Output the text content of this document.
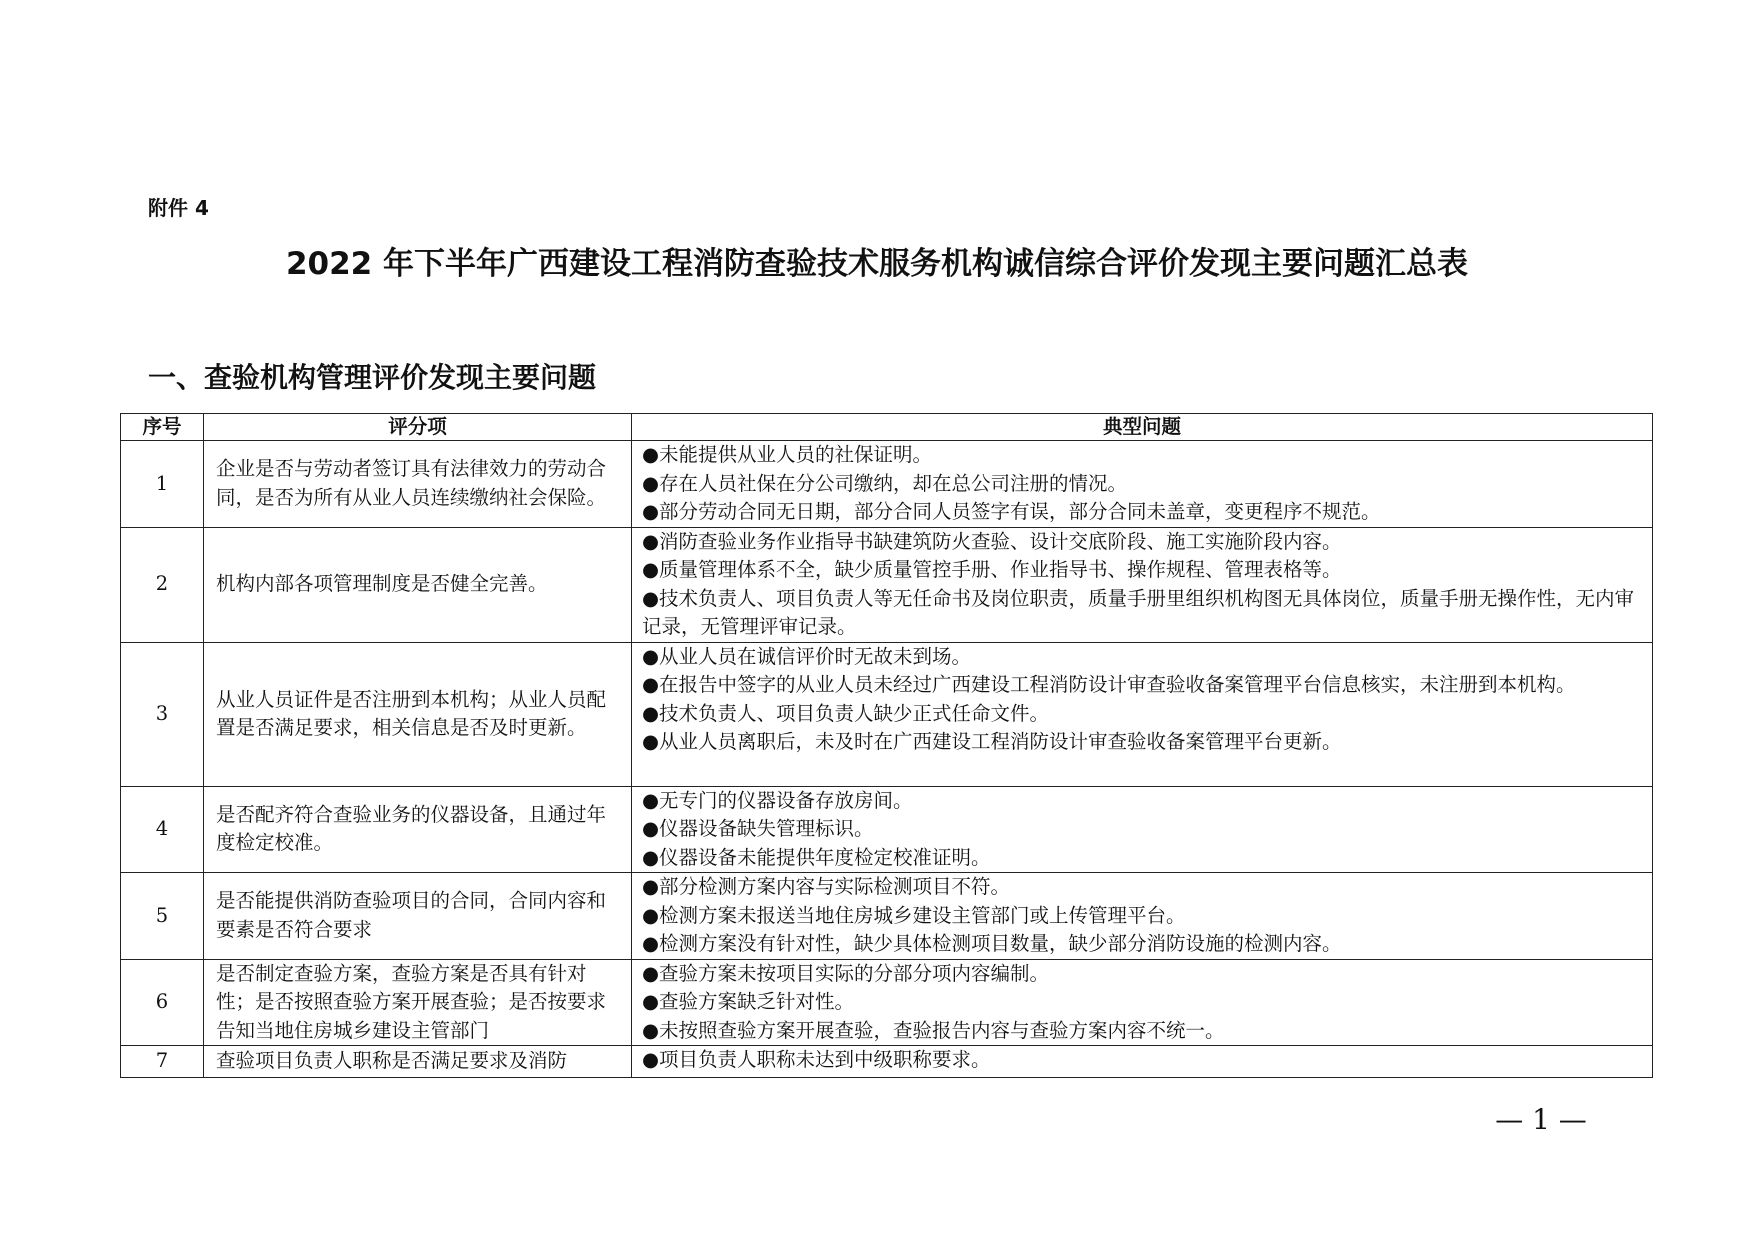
附件 4
2022 年下半年广西建设工程消防查验技术服务机构诚信综合评价发现主要问题汇总表
一、查验机构管理评价发现主要问题
序号	评分项	典型问题
1	企业是否与劳动者签订具有法律效力的劳动合同，是否为所有从业人员连续缴纳社会保险。	●未能提供从业人员的社保证明。
●存在人员社保在分公司缴纳，却在总公司注册的情况。
●部分劳动合同无日期，部分合同人员签字有误，部分合同未盖章，变更程序不规范。

2	机构内部各项管理制度是否健全完善。	●消防查验业务作业指导书缺建筑防火查验、设计交底阶段、施工实施阶段内容。
●质量管理体系不全，缺少质量管控手册、作业指导书、操作规程、管理表格等。
●技术负责人、项目负责人等无任命书及岗位职责，质量手册里组织机构图无具体岗位，质量手册无操作性，无内审记录，无管理评审记录。

3	从业人员证件是否注册到本机构；从业人员配置是否满足要求，相关信息是否及时更新。	●从业人员在诚信评价时无故未到场。
●在报告中签字的从业人员未经过广西建设工程消防设计审查验收备案管理平台信息核实，未注册到本机构。
●技术负责人、项目负责人缺少正式任命文件。
●从业人员离职后，未及时在广西建设工程消防设计审查验收备案管理平台更新。

4	是否配齐符合查验业务的仪器设备，且通过年度检定校准。	●无专门的仪器设备存放房间。
●仪器设备缺失管理标识。
●仪器设备未能提供年度检定校准证明。

5	是否能提供消防查验项目的合同，合同内容和要素是否符合要求	●部分检测方案内容与实际检测项目不符。
●检测方案未报送当地住房城乡建设主管部门或上传管理平台。
●检测方案没有针对性，缺少具体检测项目数量，缺少部分消防设施的检测内容。

6	是否制定查验方案，查验方案是否具有针对性；是否按照查验方案开展查验；是否按要求告知当地住房城乡建设主管部门	●查验方案未按项目实际的分部分项内容编制。
●查验方案缺乏针对性。
●未按照查验方案开展查验，查验报告内容与查验方案内容不统一。

7	查验项目负责人职称是否满足要求及消防	●项目负责人职称未达到中级职称要求。
— 1 —
